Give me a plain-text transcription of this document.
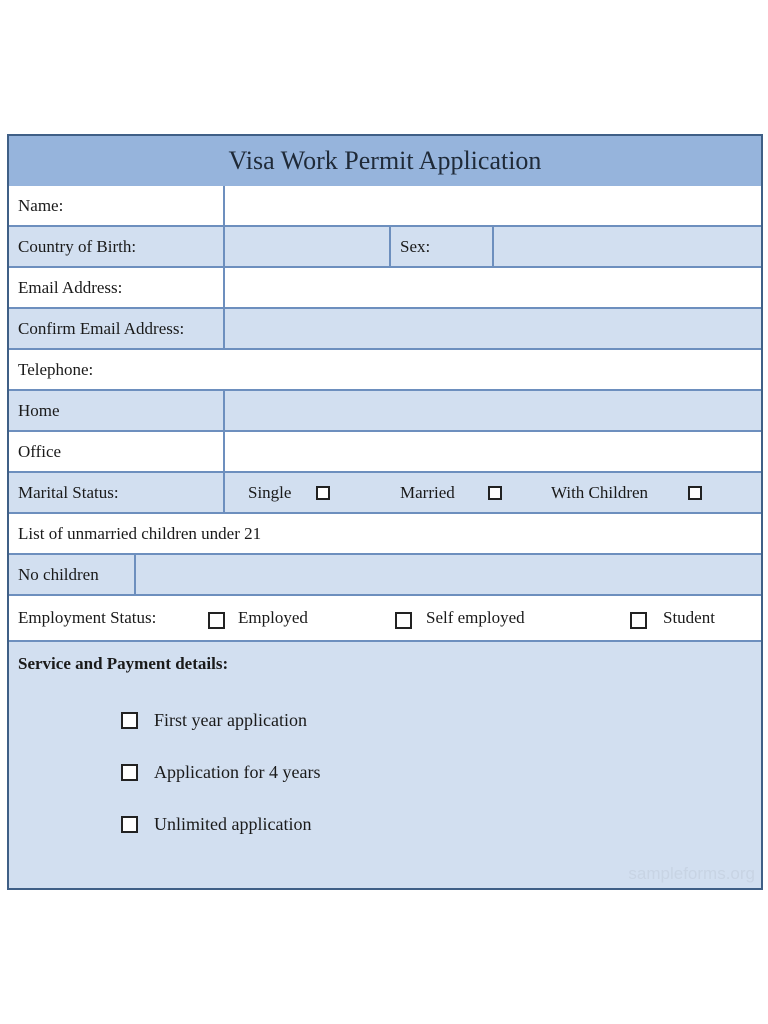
Visa Work Permit Application
Name:
Country of Birth:	Sex:
Email Address:
Confirm Email Address:
Telephone:
Home
Office
Marital Status:	Single	Married	With Children
List of unmarried children under 21
No children
Employment Status:	Employed	Self employed	Student
Service and Payment details:
First year application
Application for 4 years
Unlimited application
sampleforms.org
